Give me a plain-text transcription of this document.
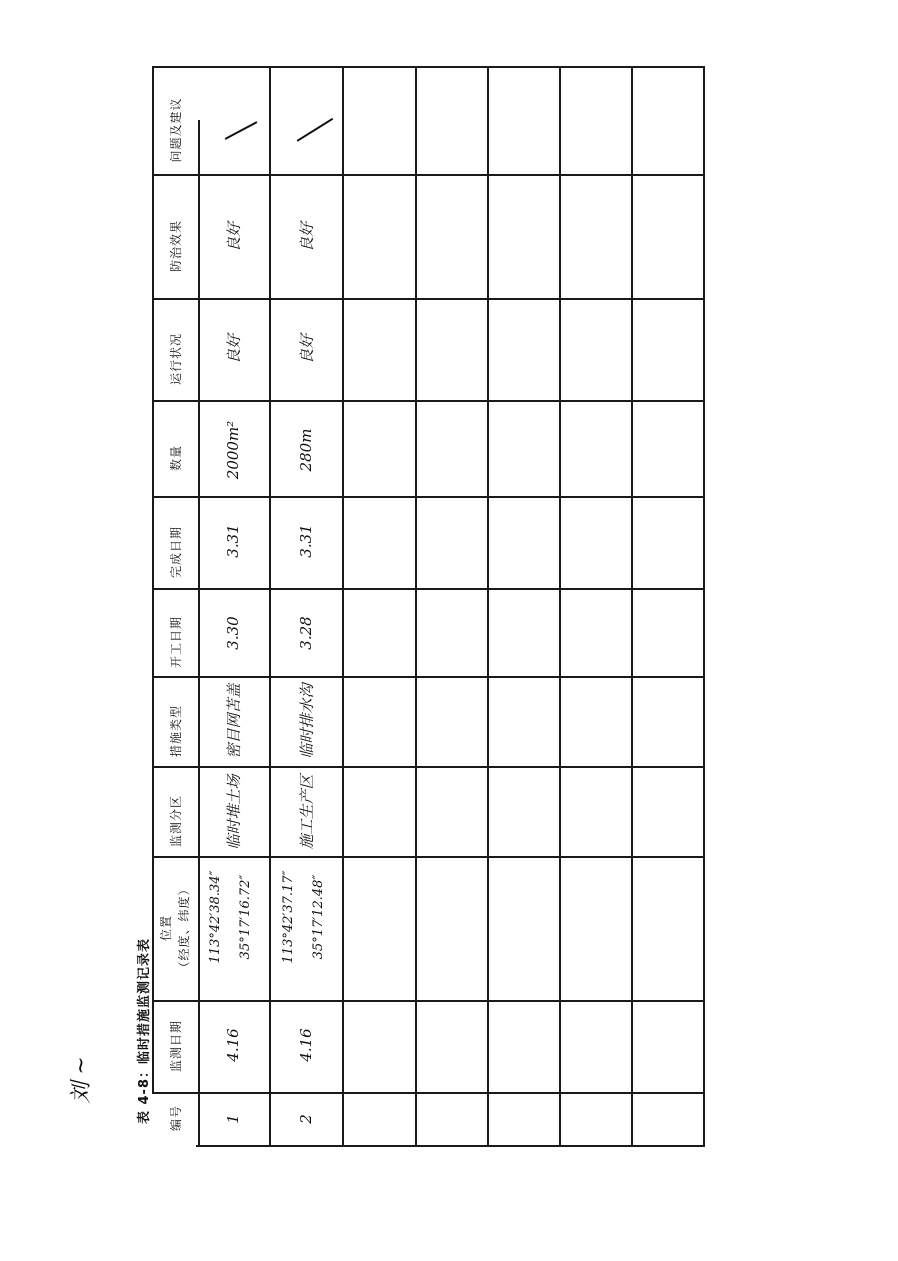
刘 ~	表 4-8：临时措施监测记录表
问题及建议
防治效果
运行状况
数量
完成日期
开工日期
措施类型
监测分区
位置
（经度、纬度）
监测日期
编号
良好
良好
2000m²
3.31
3.30
密目网苫盖
临时堆土场
113°42′38.34″ 35°17′16.72″
4.16
1
良好
良好
280m
3.31
3.28
临时排水沟
施工生产区
113°42′37.17″ 35°17′12.48″
4.16
2
